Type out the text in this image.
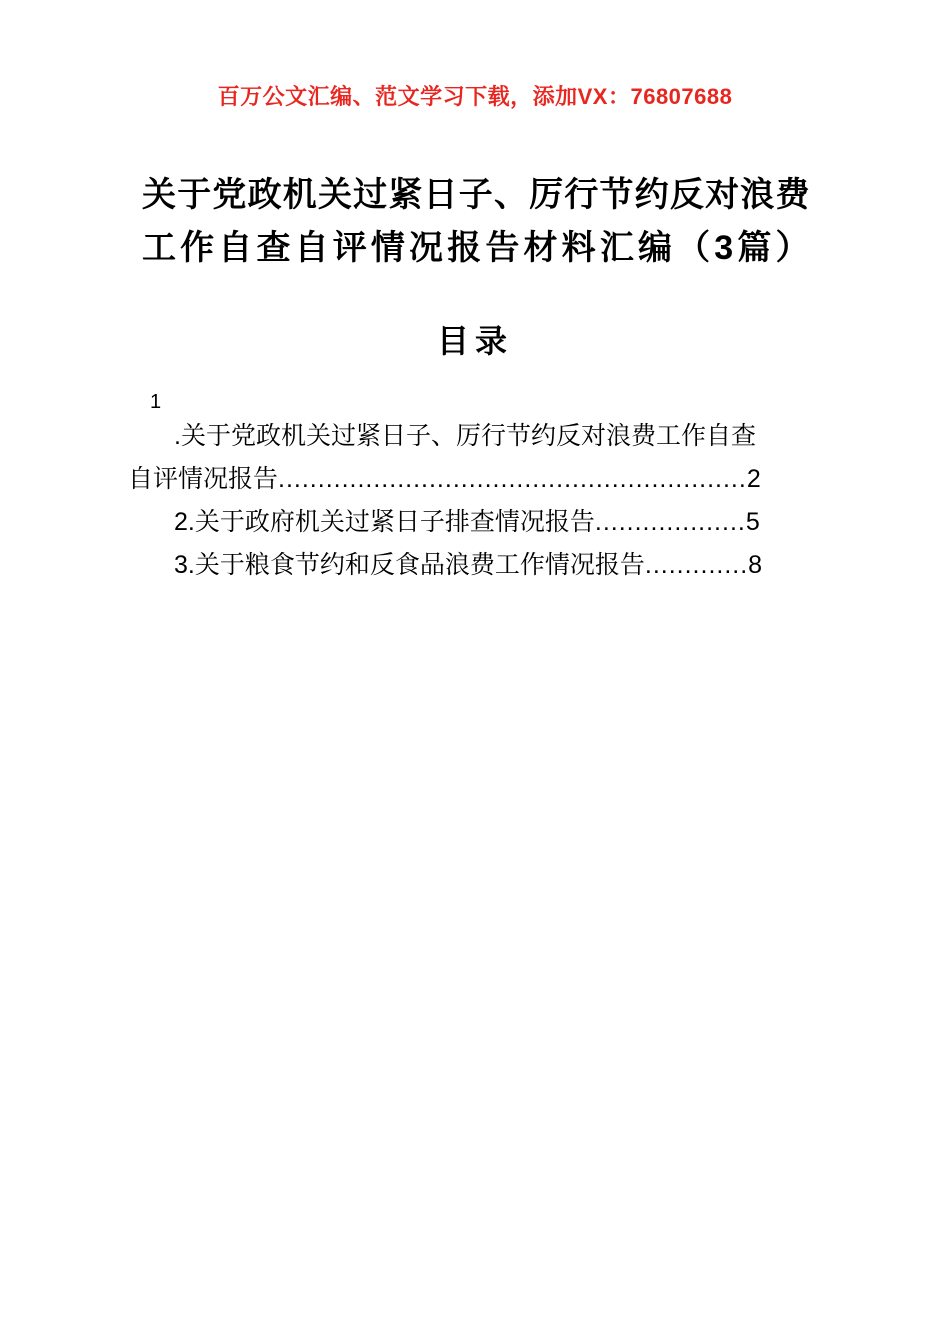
百万公文汇编、范文学习下载，添加VX：76807688
关于党政机关过紧日子、厉行节约反对浪费工作自查自评情况报告材料汇编（3篇）
目录
1
.关于党政机关过紧日子、厉行节约反对浪费工作自查
自评情况报告...........................................................2
2.关于政府机关过紧日子排查情况报告...................5
3.关于粮食节约和反食品浪费工作情况报告.............8
